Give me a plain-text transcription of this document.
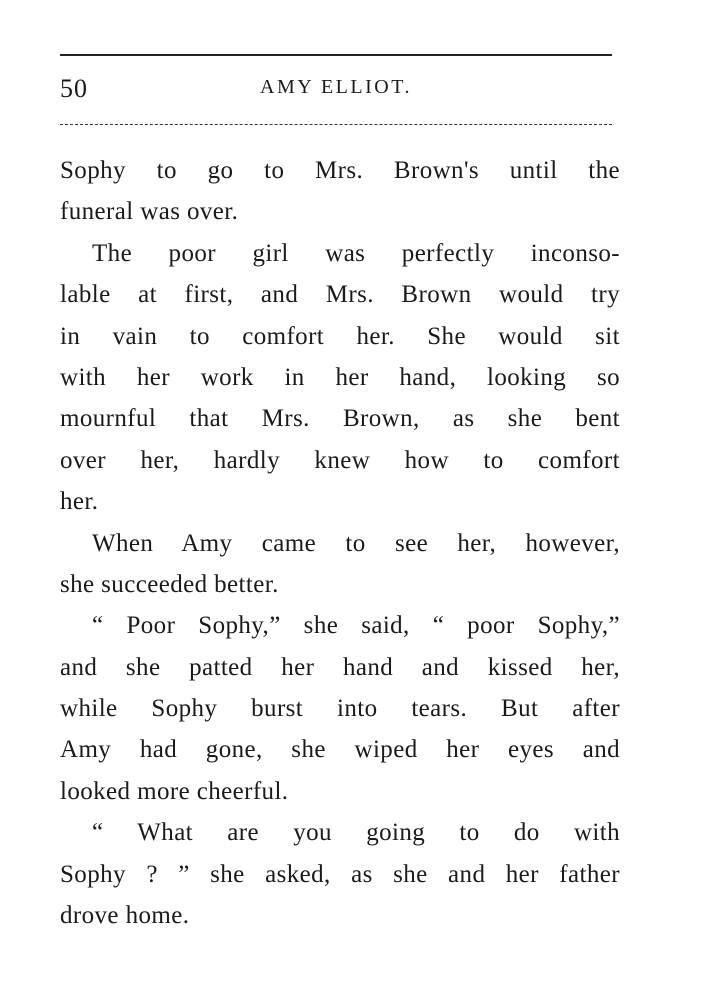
50	AMY ELLIOT.
Sophy to go to Mrs. Brown's until the
funeral was over.
The poor girl was perfectly inconso-
lable at first, and Mrs. Brown would try
in vain to comfort her. She would sit
with her work in her hand, looking so
mournful that Mrs. Brown, as she bent
over her, hardly knew how to comfort
her.
When Amy came to see her, however,
she succeeded better.
“ Poor Sophy,” she said, “ poor Sophy,”
and she patted her hand and kissed her,
while Sophy burst into tears. But after
Amy had gone, she wiped her eyes and
looked more cheerful.
“ What are you going to do with
Sophy ? ” she asked, as she and her father
drove home.
